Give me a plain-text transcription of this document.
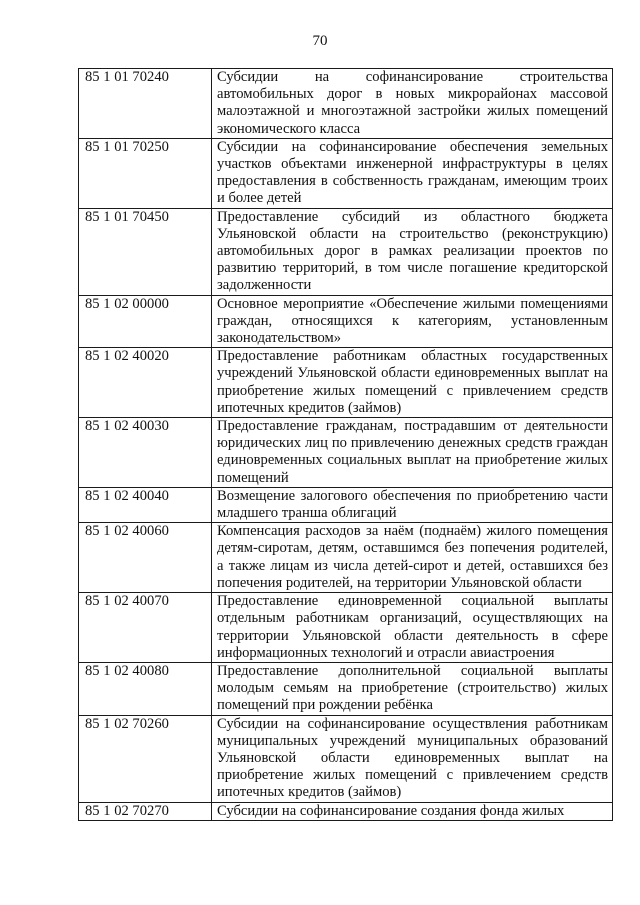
70
85 1 01 70240	Субсидии на софинансирование строительства автомобильных дорог в новых микрорайонах массовой малоэтажной и многоэтажной застройки жилых помещений экономического класса
85 1 01 70250	Субсидии на софинансирование обеспечения земельных участков объектами инженерной инфраструктуры в целях предоставления в собственность гражданам, имеющим троих и более детей
85 1 01 70450	Предоставление субсидий из областного бюджета Ульяновской области на строительство (реконструкцию) автомобильных дорог в рамках реализации проектов по развитию территорий, в том числе погашение кредиторской задолженности
85 1 02 00000	Основное мероприятие «Обеспечение жилыми помещениями граждан, относящихся к категориям, установленным законодательством»
85 1 02 40020	Предоставление работникам областных государственных учреждений Ульяновской области единовременных выплат на приобретение жилых помещений с привлечением средств ипотечных кредитов (займов)
85 1 02 40030	Предоставление гражданам, пострадавшим от деятельности юридических лиц по привлечению денежных средств граждан единовременных социальных выплат на приобретение жилых помещений
85 1 02 40040	Возмещение залогового обеспечения по приобретению части младшего транша облигаций
85 1 02 40060	Компенсация расходов за наём (поднаём) жилого помещения детям-сиротам, детям, оставшимся без попечения родителей, а также лицам из числа детей-сирот и детей, оставшихся без попечения родителей, на территории Ульяновской области
85 1 02 40070	Предоставление единовременной социальной выплаты отдельным работникам организаций, осуществляющих на территории Ульяновской области деятельность в сфере информационных технологий и отрасли авиастроения
85 1 02 40080	Предоставление дополнительной социальной выплаты молодым семьям на приобретение (строительство) жилых помещений при рождении ребёнка
85 1 02 70260	Субсидии на софинансирование осуществления работникам муниципальных учреждений муниципальных образований Ульяновской области единовременных выплат на приобретение жилых помещений с привлечением средств ипотечных кредитов (займов)
85 1 02 70270	Субсидии на софинансирование создания фонда жилых
